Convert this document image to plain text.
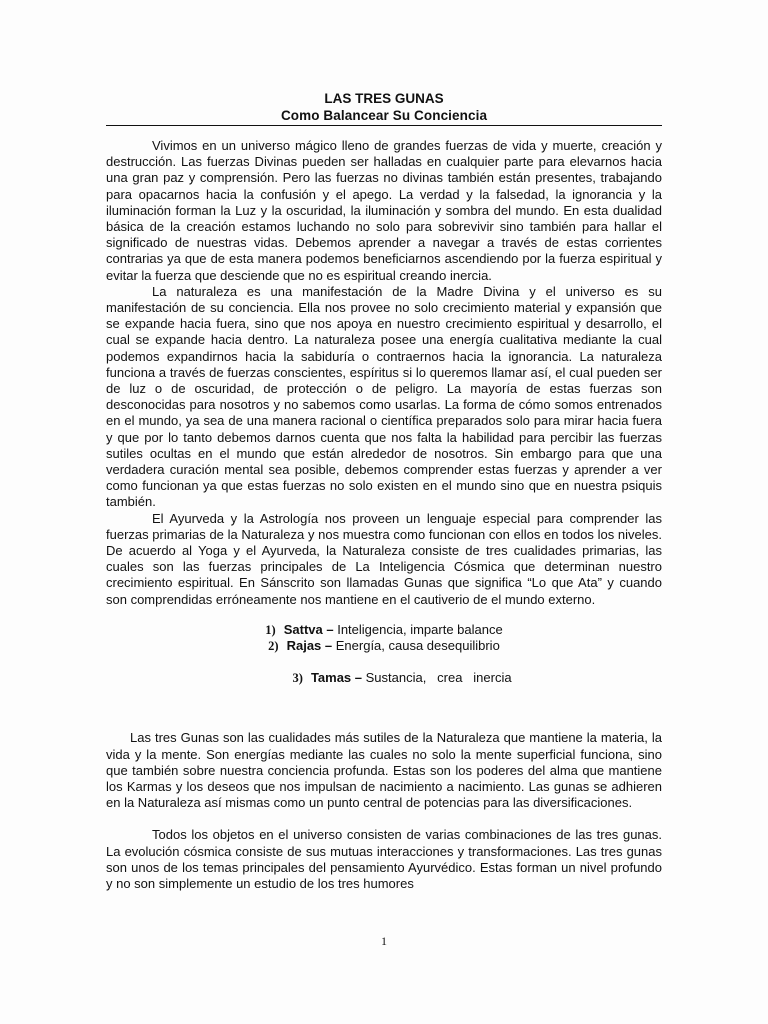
LAS TRES GUNAS
Como Balancear Su Conciencia

Vivimos en un universo mágico lleno de grandes fuerzas de vida y muerte, creación y destrucción. Las fuerzas Divinas pueden ser halladas en cualquier parte para elevarnos hacia una gran paz y comprensión. Pero las fuerzas no divinas también están presentes, trabajando para opacarnos hacia la confusión y el apego. La verdad y la falsedad, la ignorancia y la iluminación forman la Luz y la oscuridad, la iluminación y sombra del mundo. En esta dualidad básica de la creación estamos luchando no solo para sobrevivir sino también para hallar el significado de nuestras vidas. Debemos aprender a navegar a través de estas corrientes contrarias ya que de esta manera podemos beneficiarnos ascendiendo por la fuerza espiritual y evitar la fuerza que desciende que no es espiritual creando inercia.

La naturaleza es una manifestación de la Madre Divina y el universo es su manifestación de su conciencia. Ella nos provee no solo crecimiento material y expansión que se expande hacia fuera, sino que nos apoya en nuestro crecimiento espiritual y desarrollo, el cual se expande hacia dentro. La naturaleza posee una energía cualitativa mediante la cual podemos expandirnos hacia la sabiduría o contraernos hacia la ignorancia. La naturaleza funciona a través de fuerzas conscientes, espíritus si lo queremos llamar así, el cual pueden ser de luz o de oscuridad, de protección o de peligro. La mayoría de estas fuerzas son desconocidas para nosotros y no sabemos como usarlas. La forma de cómo somos entrenados en el mundo, ya sea de una manera racional o científica preparados solo para mirar hacia fuera y que por lo tanto debemos darnos cuenta que nos falta la habilidad para percibir las fuerzas sutiles ocultas en el mundo que están alrededor de nosotros. Sin embargo para que una verdadera curación mental sea posible, debemos comprender estas fuerzas y aprender a ver como funcionan ya que estas fuerzas no solo existen en el mundo sino que en nuestra psiquis también.

El Ayurveda y la Astrología nos proveen un lenguaje especial para comprender las fuerzas primarias de la Naturaleza y nos muestra como funcionan con ellos en todos los niveles. De acuerdo al Yoga y el Ayurveda, la Naturaleza consiste de tres cualidades primarias, las cuales son las fuerzas principales de La Inteligencia Cósmica que determinan nuestro crecimiento espiritual. En Sánscrito son llamadas Gunas que significa “Lo que Ata” y cuando son comprendidas erróneamente nos mantiene en el cautiverio de el mundo externo.

1) Sattva – Inteligencia, imparte balance
2) Rajas – Energía, causa desequilibrio

3) Tamas – Sustancia,   crea   inercia

Las tres Gunas son las cualidades más sutiles de la Naturaleza que mantiene la materia, la vida y la mente. Son energías mediante las cuales no solo la mente superficial funciona, sino que también sobre nuestra conciencia profunda. Estas son los poderes del alma que mantiene los Karmas y los deseos que nos impulsan de nacimiento a nacimiento. Las gunas se adhieren en la Naturaleza así mismas como un punto central de potencias para las diversificaciones.

Todos los objetos en el universo consisten de varias combinaciones de las tres gunas. La evolución cósmica consiste de sus mutuas interacciones y transformaciones. Las tres gunas son unos de los temas principales del pensamiento Ayurvédico. Estas forman un nivel profundo y no son simplemente un estudio de los tres humores

1
